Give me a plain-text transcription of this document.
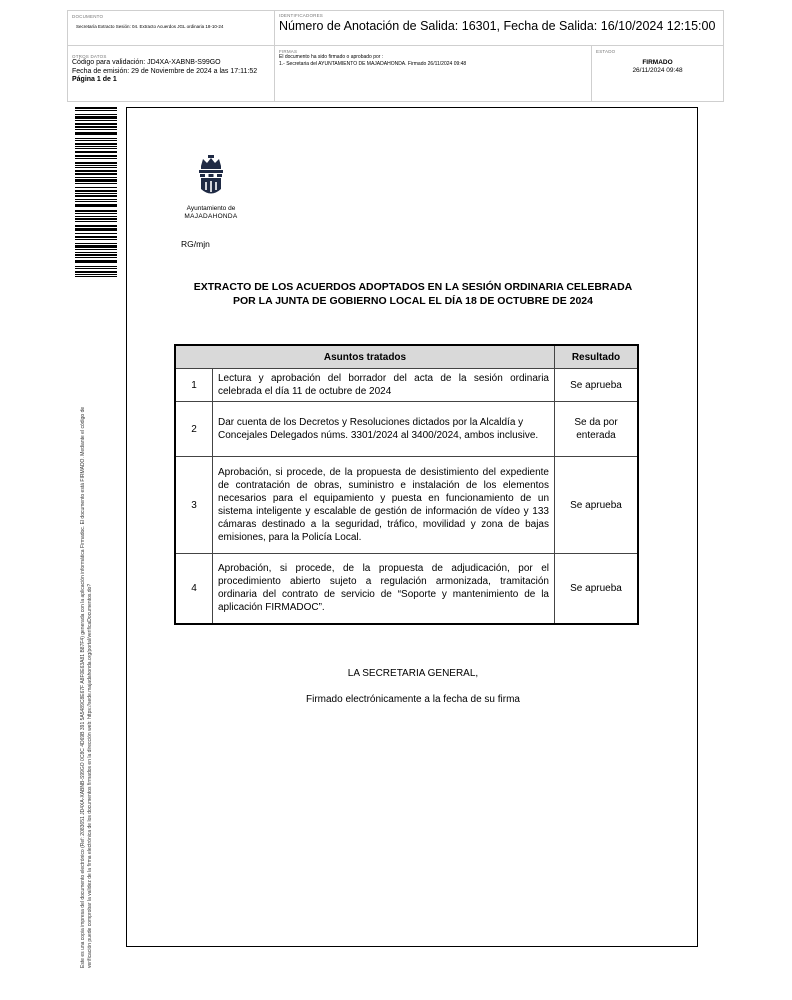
DOCUMENTO
Secretaría Extracto Sesión: 04. Extracto Acuerdos JGL ordinaria 18-10-24
IDENTIFICADORES
Número de Anotación de Salida: 16301, Fecha de Salida: 16/10/2024 12:15:00
OTROS DATOS
Código para validación: JD4XA-XABNB-S99GO
Fecha de emisión: 29 de Noviembre de 2024 a las 17:11:52
Página 1 de 1
FIRMAS
El documento ha sido firmado o aprobado por :
1.- Secretaria del AYUNTAMIENTO DE MAJADAHONDA. Firmado 26/11/2024 09:48
ESTADO
FIRMADO
26/11/2024 09:48
Este es una copia impresa del documento electrónico (Ref: 2083651 JD4XA-XABNB-S99GO 0C8C 4D69B 391 5A5489C8E67F A8F0E63A81 B87F4) generada con la aplicación informática Firmadoc. El documento está FIRMADO. Mediante el código de verificación puede comprobar la validez de la firma electrónica de los documentos firmados en la dirección web: https://sede.majadahonda.org/portal/verificaDocumentos.do?
Ayuntamiento de
MAJADAHONDA
RG/mjn
EXTRACTO DE LOS ACUERDOS ADOPTADOS EN LA SESIÓN ORDINARIA CELEBRADA
POR LA JUNTA DE GOBIERNO LOCAL EL DÍA 18 DE OCTUBRE DE 2024
Asuntos tratados		Resultado
1	Lectura y aprobación del borrador del acta de la sesión ordinaria celebrada el día 11 de octubre de 2024	Se aprueba
2	Dar cuenta de los Decretos y Resoluciones dictados por la Alcaldía y Concejales Delegados núms. 3301/2024 al 3400/2024, ambos inclusive.	Se da por enterada
3	Aprobación, si procede, de la propuesta de desistimiento del expediente de contratación de obras, suministro e instalación de los elementos necesarios para el equipamiento y puesta en funcionamiento de un sistema inteligente y escalable de gestión de información de vídeo y 133 cámaras destinado a la seguridad, tráfico, movilidad y zona de bajas emisiones, para la Policía Local.	Se aprueba
4	Aprobación, si procede, de la propuesta de adjudicación, por el procedimiento abierto sujeto a regulación armonizada, tramitación ordinaria del contrato de servicio de “Soporte y mantenimiento de la aplicación FIRMADOC”.	Se aprueba
LA SECRETARIA GENERAL,
Firmado electrónicamente a la fecha de su firma
